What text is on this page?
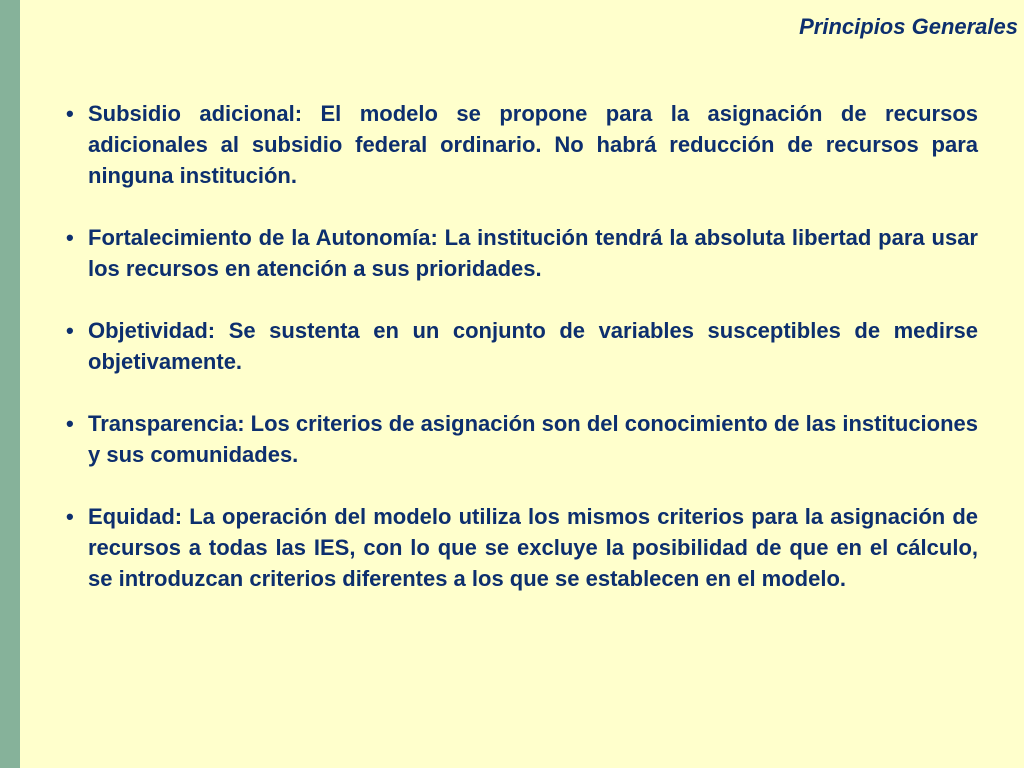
Principios Generales
• Subsidio adicional: El modelo se propone para la asignación de recursos adicionales al subsidio federal ordinario. No habrá reducción de recursos para ninguna institución.
• Fortalecimiento de la Autonomía: La institución tendrá la absoluta libertad para usar los recursos en atención a sus prioridades.
• Objetividad: Se sustenta en un conjunto de variables susceptibles de medirse objetivamente.
• Transparencia: Los criterios de asignación son del conocimiento de las instituciones y sus comunidades.
• Equidad: La operación del modelo utiliza los mismos criterios para la asignación de recursos a todas las IES, con lo que se excluye la posibilidad de que en el cálculo, se introduzcan criterios diferentes a los que se establecen en el modelo.
